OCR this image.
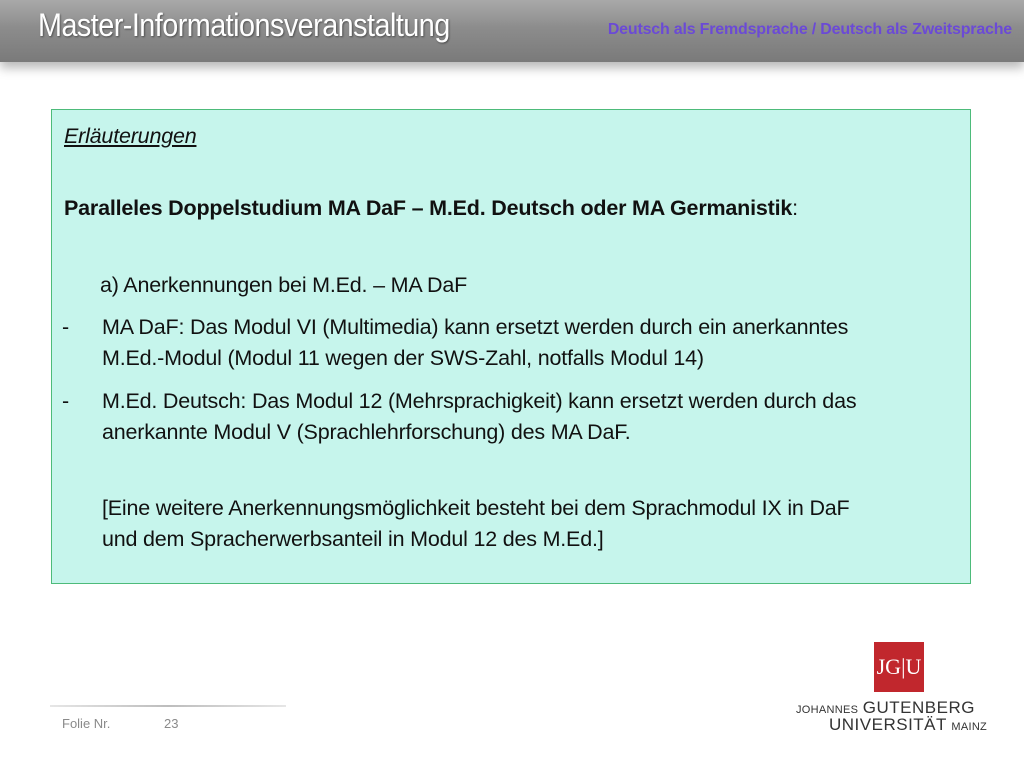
Master-Informationsveranstaltung	Deutsch als Fremdsprache / Deutsch als Zweitsprache
Erläuterungen
Paralleles Doppelstudium MA DaF – M.Ed. Deutsch oder MA Germanistik:
a) Anerkennungen bei M.Ed. – MA DaF
- MA DaF: Das Modul VI (Multimedia) kann ersetzt werden durch ein anerkanntes
M.Ed.-Modul (Modul 11 wegen der SWS-Zahl, notfalls Modul 14)
- M.Ed. Deutsch: Das Modul 12 (Mehrsprachigkeit) kann ersetzt werden durch das
anerkannte Modul V (Sprachlehrforschung) des MA DaF.
[Eine weitere Anerkennungsmöglichkeit besteht bei dem Sprachmodul IX in DaF
und dem Spracherwerbsanteil in Modul 12 des M.Ed.]
Folie Nr.	23
JG|U
JOHANNES GUTENBERG
UNIVERSITÄT MAINZ
